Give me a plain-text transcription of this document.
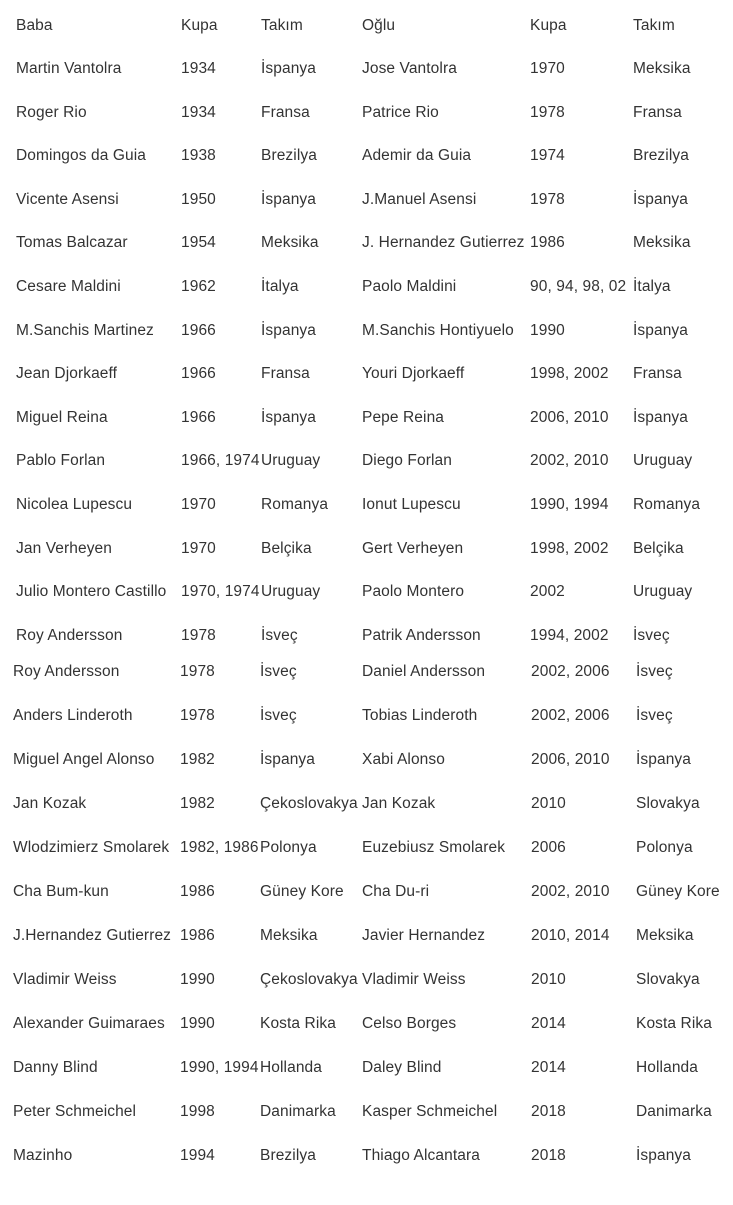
Baba	Kupa	Takım	Oğlu	Kupa	Takım
Martin Vantolra	1934	İspanya	Jose Vantolra	1970	Meksika
Roger Rio	1934	Fransa	Patrice Rio	1978	Fransa
Domingos da Guia 1938	Brezilya	Ademir da Guia	1974	Brezilya
Vicente Asensi	1950	İspanya	J.Manuel Asensi	1978	İspanya
Tomas Balcazar	1954	Meksika	J. Hernandez Gutierrez 1986	Meksika
Cesare Maldini	1962	İtalya	Paolo Maldini	90, 94, 98, 02 İtalya
M.Sanchis Martinez 1966	İspanya	M.Sanchis Hontiyuelo 1990	İspanya
Jean Djorkaeff	1966	Fransa	Youri Djorkaeff	1998, 2002 Fransa
Miguel Reina	1966	İspanya	Pepe Reina	2006, 2010 İspanya
Pablo Forlan	1966, 1974 Uruguay	Diego Forlan	2002, 2010 Uruguay
Nicolea Lupescu	1970	Romanya Ionut Lupescu	1990, 1994 Romanya
Jan Verheyen	1970	Belçika	Gert Verheyen	1998, 2002 Belçika
Julio Montero Castillo 1970, 1974 Uruguay	Paolo Montero	2002	Uruguay
Roy Andersson	1978	İsveç	Patrik Andersson	1994, 2002 İsveç
Roy Andersson	1978	İsveç	Daniel Andersson	2002, 2006 İsveç
Anders Linderoth	1978	İsveç	Tobias Linderoth	2002, 2006 İsveç
Miguel Angel Alonso 1982	İspanya	Xabi Alonso	2006, 2010 İspanya
Jan Kozak	1982	Çekoslovakya Jan Kozak	2010	Slovakya
Wlodzimierz Smolarek 1982, 1986 Polonya	Euzebiusz Smolarek 2006	Polonya
Cha Bum-kun	1986	Güney Kore Cha Du-ri	2002, 2010 Güney Kore
J.Hernandez Gutierrez 1986	Meksika	Javier Hernandez	2010, 2014 Meksika
Vladimir Weiss	1990	Çekoslovakya Vladimir Weiss	2010	Slovakya
Alexander Guimaraes 1990	Kosta Rika Celso Borges	2014	Kosta Rika
Danny Blind	1990, 1994 Hollanda	Daley Blind	2014	Hollanda
Peter Schmeichel	1998	Danimarka Kasper Schmeichel 2018	Danimarka
Mazinho	1994	Brezilya	Thiago Alcantara	2018	İspanya
